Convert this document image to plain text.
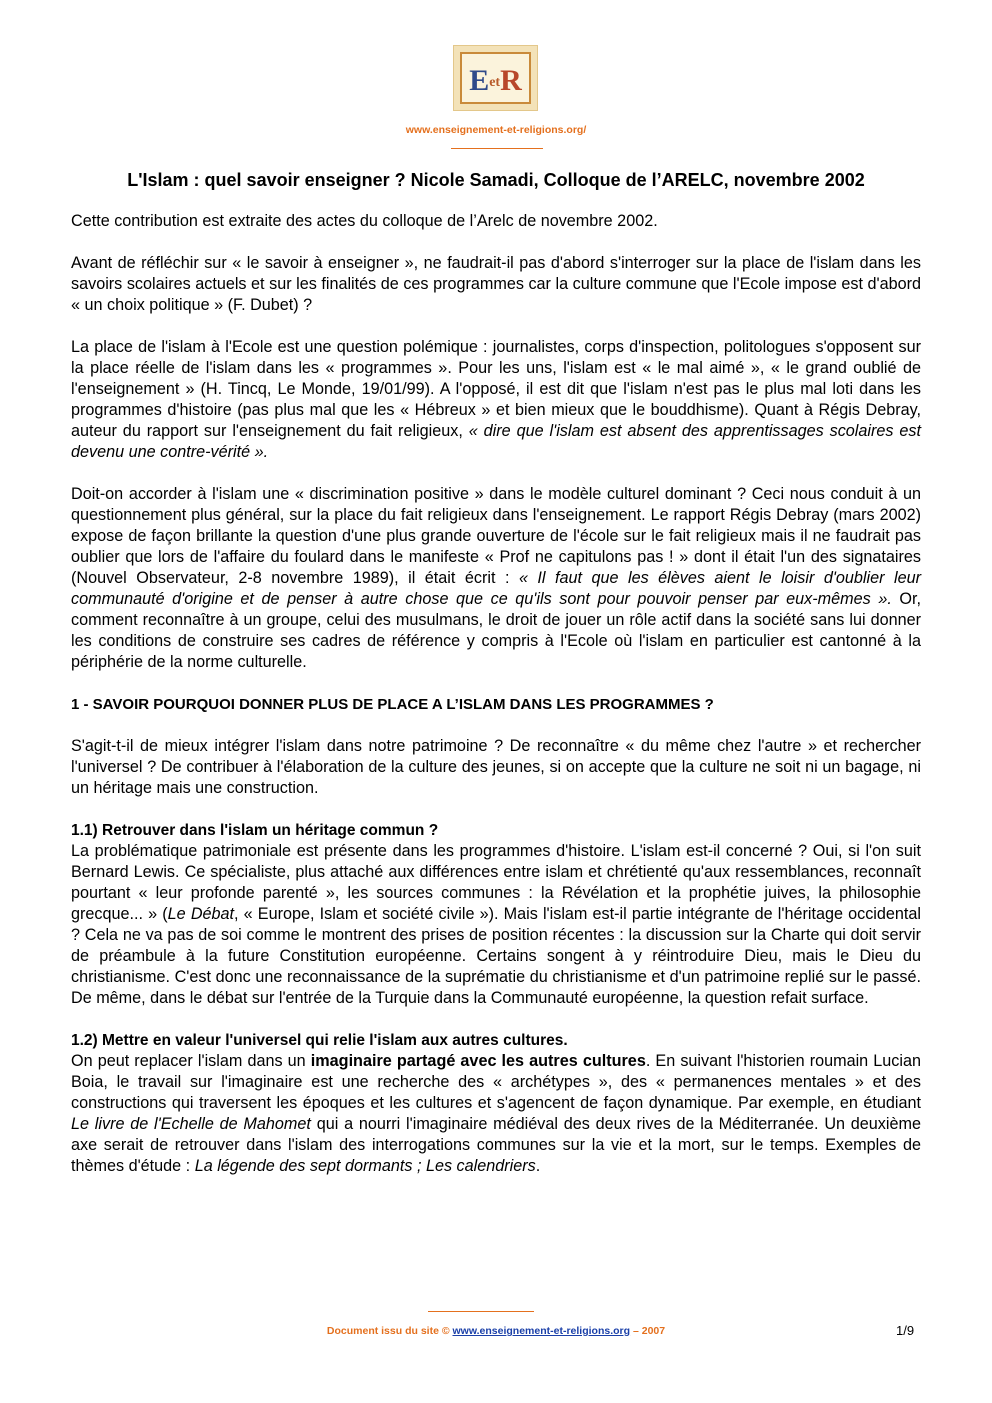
EetR
www.enseignement-et-religions.org/
L'Islam : quel savoir enseigner ? Nicole Samadi, Colloque de l’ARELC, novembre 2002

Cette contribution est extraite des actes du colloque de l’Arelc de novembre 2002.

Avant de réfléchir sur « le savoir à enseigner », ne faudrait-il pas d'abord s'interroger sur la place de l'islam dans les savoirs scolaires actuels et sur les finalités de ces programmes car la culture commune que l'Ecole impose est d'abord « un choix politique » (F. Dubet) ?

La place de l'islam à l'Ecole est une question polémique : journalistes, corps d'inspection, politologues s'opposent sur la place réelle de l'islam dans les « programmes ». Pour les uns, l'islam est « le mal aimé », « le grand oublié de l'enseignement » (H. Tincq, Le Monde, 19/01/99). A l'opposé, il est dit que l'islam n'est pas le plus mal loti dans les programmes d'histoire (pas plus mal que les « Hébreux » et bien mieux que le bouddhisme). Quant à Régis Debray, auteur du rapport sur l'enseignement du fait religieux, « dire que l'islam est absent des apprentissages scolaires est devenu une contre-vérité ».

Doit-on accorder à l'islam une « discrimination positive » dans le modèle culturel dominant ? Ceci nous conduit à un questionnement plus général, sur la place du fait religieux dans l'enseignement. Le rapport Régis Debray (mars 2002) expose de façon brillante la question d'une plus grande ouverture de l'école sur le fait religieux mais il ne faudrait pas oublier que lors de l'affaire du foulard dans le manifeste « Prof ne capitulons pas ! » dont il était l'un des signataires (Nouvel Observateur, 2-8 novembre 1989), il était écrit : « Il faut que les élèves aient le loisir d'oublier leur communauté d'origine et de penser à autre chose que ce qu'ils sont pour pouvoir penser par eux-mêmes ». Or, comment reconnaître à un groupe, celui des musulmans, le droit de jouer un rôle actif dans la société sans lui donner les conditions de construire ses cadres de référence y compris à l'Ecole où l'islam en particulier est cantonné à la périphérie de la norme culturelle.

1 - SAVOIR POURQUOI DONNER PLUS DE PLACE A L’ISLAM DANS LES PROGRAMMES ?

S'agit-t-il de mieux intégrer l'islam dans notre patrimoine ? De reconnaître « du même chez l'autre » et rechercher l'universel ? De contribuer à l'élaboration de la culture des jeunes, si on accepte que la culture ne soit ni un bagage, ni un héritage mais une construction.

1.1) Retrouver dans l'islam un héritage commun ?

La problématique patrimoniale est présente dans les programmes d'histoire. L'islam est-il concerné ? Oui, si l'on suit Bernard Lewis. Ce spécialiste, plus attaché aux différences entre islam et chrétienté qu'aux ressemblances, reconnaît pourtant « leur profonde parenté », les sources communes : la Révélation et la prophétie juives, la philosophie grecque... » (Le Débat, « Europe, Islam et société civile »). Mais l'islam est-il partie intégrante de l'héritage occidental ? Cela ne va pas de soi comme le montrent des prises de position récentes : la discussion sur la Charte qui doit servir de préambule à la future Constitution européenne. Certains songent à y réintroduire Dieu, mais le Dieu du christianisme. C'est donc une reconnaissance de la suprématie du christianisme et d'un patrimoine replié sur le passé. De même, dans le débat sur l'entrée de la Turquie dans la Communauté européenne, la question refait surface.

1.2) Mettre en valeur l'universel qui relie l'islam aux autres cultures.

On peut replacer l'islam dans un imaginaire partagé avec les autres cultures. En suivant l'historien roumain Lucian Boia, le travail sur l'imaginaire est une recherche des « archétypes », des « permanences mentales » et des constructions qui traversent les époques et les cultures et s'agencent de façon dynamique. Par exemple, en étudiant Le livre de l'Echelle de Mahomet qui a nourri l'imaginaire médiéval des deux rives de la Méditerranée. Un deuxième axe serait de retrouver dans l'islam des interrogations communes sur la vie et la mort, sur le temps. Exemples de thèmes d'étude : La légende des sept dormants ; Les calendriers.

Document issu du site © www.enseignement-et-religions.org – 2007	1/9
